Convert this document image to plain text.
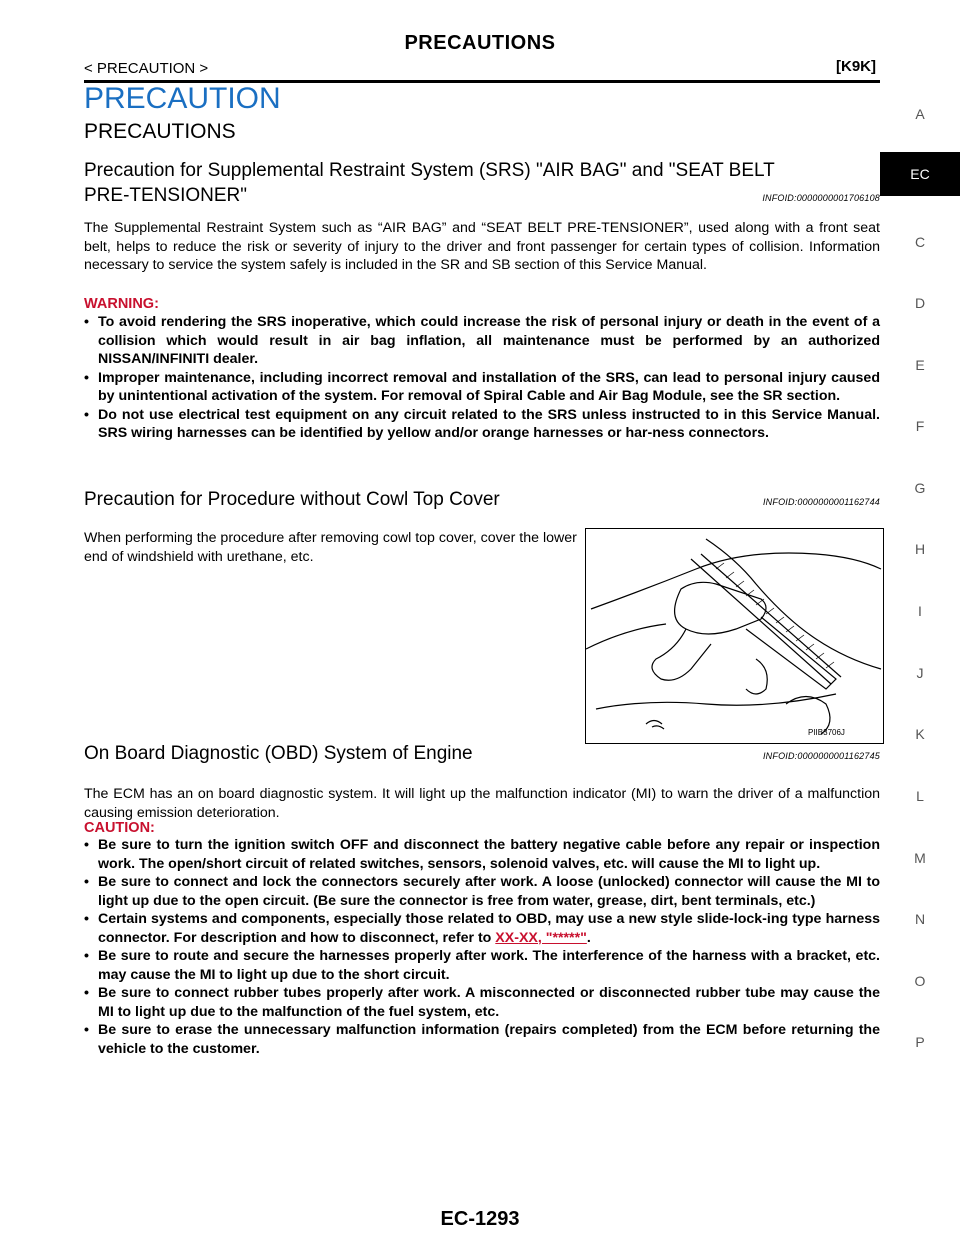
PRECAUTIONS
< PRECAUTION >	[K9K]
PRECAUTION
PRECAUTIONS
Precaution for Supplemental Restraint System (SRS) "AIR BAG" and "SEAT BELT
PRE-TENSIONER"	INFOID:0000000001706108
The Supplemental Restraint System such as “AIR BAG” and “SEAT BELT PRE-TENSIONER”, used along with a front seat belt, helps to reduce the risk or severity of injury to the driver and front passenger for certain types of collision. Information necessary to service the system safely is included in the SR and SB section of this Service Manual.
WARNING:
• To avoid rendering the SRS inoperative, which could increase the risk of personal injury or death in the event of a collision which would result in air bag inflation, all maintenance must be performed by an authorized NISSAN/INFINITI dealer.
• Improper maintenance, including incorrect removal and installation of the SRS, can lead to personal injury caused by unintentional activation of the system. For removal of Spiral Cable and Air Bag Module, see the SR section.
• Do not use electrical test equipment on any circuit related to the SRS unless instructed to in this Service Manual. SRS wiring harnesses can be identified by yellow and/or orange harnesses or har-ness connectors.
Precaution for Procedure without Cowl Top Cover	INFOID:0000000001162744
When performing the procedure after removing cowl top cover, cover the lower end of windshield with urethane, etc.
PIIB3706J
On Board Diagnostic (OBD) System of Engine	INFOID:0000000001162745
The ECM has an on board diagnostic system. It will light up the malfunction indicator (MI) to warn the driver of a malfunction causing emission deterioration.
CAUTION:
• Be sure to turn the ignition switch OFF and disconnect the battery negative cable before any repair or inspection work. The open/short circuit of related switches, sensors, solenoid valves, etc. will cause the MI to light up.
• Be sure to connect and lock the connectors securely after work. A loose (unlocked) connector will cause the MI to light up due to the open circuit. (Be sure the connector is free from water, grease, dirt, bent terminals, etc.)
• Certain systems and components, especially those related to OBD, may use a new style slide-lock-ing type harness connector. For description and how to disconnect, refer to XX-XX, "*****".
• Be sure to route and secure the harnesses properly after work. The interference of the harness with a bracket, etc. may cause the MI to light up due to the short circuit.
• Be sure to connect rubber tubes properly after work. A misconnected or disconnected rubber tube may cause the MI to light up due to the malfunction of the fuel system, etc.
• Be sure to erase the unnecessary malfunction information (repairs completed) from the ECM before returning the vehicle to the customer.
A
EC
C
D
E
F
G
H
I
J
K
L
M
N
O
P
EC-1293
